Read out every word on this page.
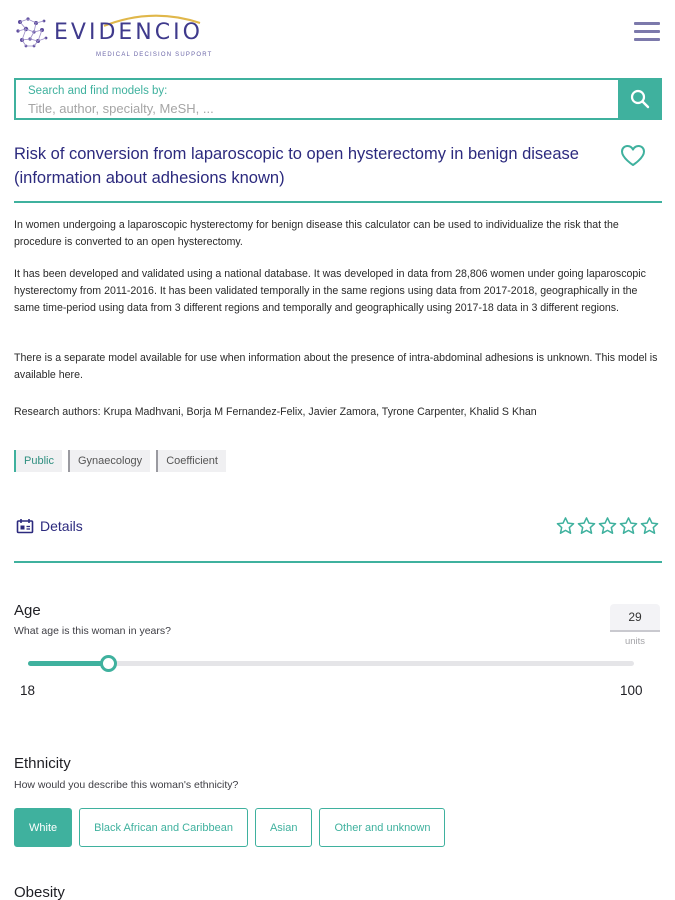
EVIDENCIO
MEDICAL DECISION SUPPORT
Search and find models by:
Title, author, specialty, MeSH, ...
Risk of conversion from laparoscopic to open hysterectomy in benign disease (information about adhesions known)

In women undergoing a laparoscopic hysterectomy for benign disease this calculator can be used to individualize the risk that the procedure is converted to an open hysterectomy.

It has been developed and validated using a national database. It was developed in data from 28,806 women under going laparoscopic hysterectomy from 2011-2016. It has been validated temporally in the same regions using data from 2017-2018, geographically in the same time-period using data from 3 different regions and temporally and geographically using 2017-18 data in 3 different regions.

There is a separate model available for use when information about the presence of intra-abdominal adhesions is unknown. This model is available here.

Research authors: Krupa Madhvani, Borja M Fernandez-Felix, Javier Zamora, Tyrone Carpenter, Khalid S Khan

Public	Gynaecology	Coefficient
Details
Age
What age is this woman in years?
29
units
18	100
Ethnicity
How would you describe this woman's ethnicity?
White	Black African and Caribbean	Asian	Other and unknown
Obesity
